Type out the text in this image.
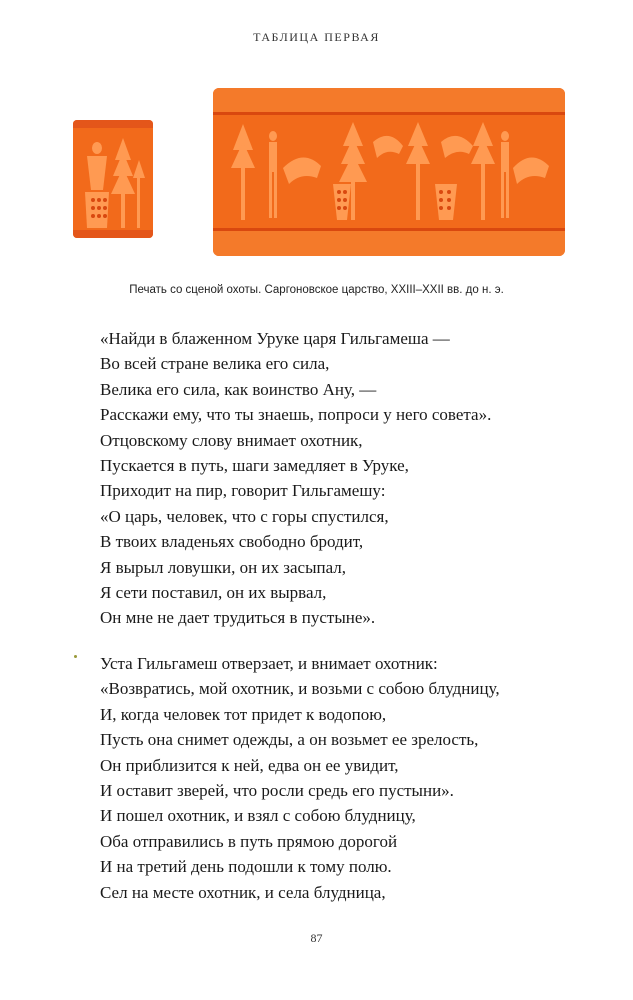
ТАБЛИЦА ПЕРВАЯ
Печать со сценой охоты. Саргоновское царство, XXIII–XXII вв. до н. э.
«Найди в блаженном Уруке царя Гильгамеша —
Во всей стране велика его сила,
Велика его сила, как воинство Ану, —
Расскажи ему, что ты знаешь, попроси у него совета».
Отцовскому слову внимает охотник,
Пускается в путь, шаги замедляет в Уруке,
Приходит на пир, говорит Гильгамешу:
«О царь, человек, что с горы спустился,
В твоих владеньях свободно бродит,
Я вырыл ловушки, он их засыпал,
Я сети поставил, он их вырвал,
Он мне не дает трудиться в пустыне».
Уста Гильгамеш отверзает, и внимает охотник:
«Возвратись, мой охотник, и возьми с собою блудницу,
И, когда человек тот придет к водопою,
Пусть она снимет одежды, а он возьмет ее зрелость,
Он приблизится к ней, едва он ее увидит,
И оставит зверей, что росли средь его пустыни».
И пошел охотник, и взял с собою блудницу,
Оба отправились в путь прямою дорогой
И на третий день подошли к тому полю.
Сел на месте охотник, и села блудница,
87
